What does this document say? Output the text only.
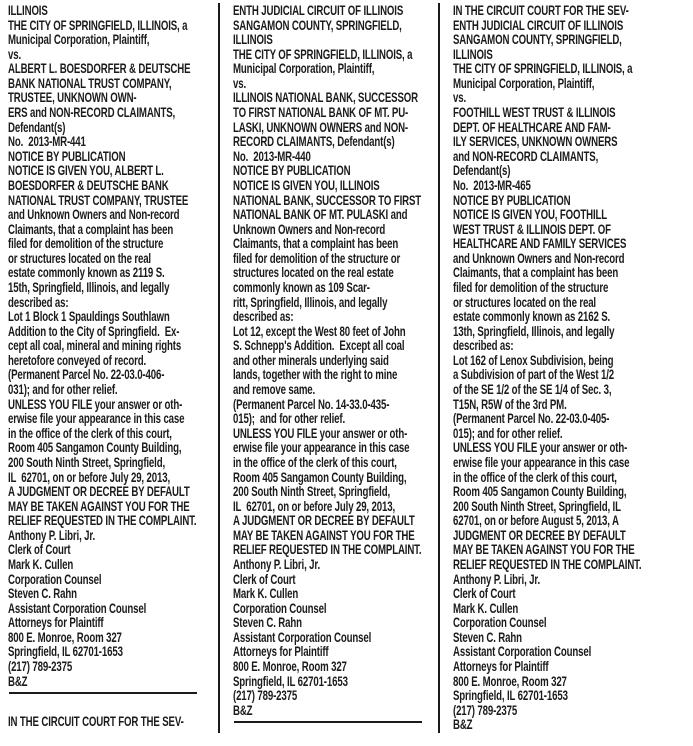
ILLINOIS
THE CITY OF SPRINGFIELD, ILLINOIS, a
Municipal Corporation, Plaintiff,
vs.
ALBERT L. BOESDORFER & DEUTSCHE
BANK NATIONAL TRUST COMPANY,
TRUSTEE, UNKNOWN OWN-
ERS and NON-RECORD CLAIMANTS,
Defendant(s)
No.  2013-MR-441
NOTICE BY PUBLICATION
NOTICE IS GIVEN YOU, ALBERT L.
BOESDORFER & DEUTSCHE BANK
NATIONAL TRUST COMPANY, TRUSTEE
and Unknown Owners and Non-record
Claimants, that a complaint has been
filed for demolition of the structure
or structures located on the real
estate commonly known as 2119 S.
15th, Springfield, Illinois, and legally
described as:
Lot 1 Block 1 Spauldings Southlawn
Addition to the City of Springfield.  Ex-
cept all coal, mineral and mining rights
heretofore conveyed of record.
(Permanent Parcel No. 22-03.0-406-
031); and for other relief.
UNLESS YOU FILE your answer or oth-
erwise file your appearance in this case
in the office of the clerk of this court,
Room 405 Sangamon County Building,
200 South Ninth Street, Springfield,
IL  62701, on or before July 29, 2013,
A JUDGMENT OR DECREE BY DEFAULT
MAY BE TAKEN AGAINST YOU FOR THE
RELIEF REQUESTED IN THE COMPLAINT.
Anthony P. Libri, Jr.
Clerk of Court
Mark K. Cullen
Corporation Counsel
Steven C. Rahn
Assistant Corporation Counsel
Attorneys for Plaintiff
800 E. Monroe, Room 327
Springfield, IL 62701-1653
(217) 789-2375
B&Z
IN THE CIRCUIT COURT FOR THE SEV-
ENTH JUDICIAL CIRCUIT OF ILLINOIS
SANGAMON COUNTY, SPRINGFIELD,
ILLINOIS
THE CITY OF SPRINGFIELD, ILLINOIS, a
Municipal Corporation, Plaintiff,
vs.
ILLINOIS NATIONAL BANK, SUCCESSOR
TO FIRST NATIONAL BANK OF MT. PU-
LASKI, UNKNOWN OWNERS and NON-
RECORD CLAIMANTS, Defendant(s)
No.  2013-MR-440
NOTICE BY PUBLICATION
NOTICE IS GIVEN YOU, ILLINOIS
NATIONAL BANK, SUCCESSOR TO FIRST
NATIONAL BANK OF MT. PULASKI and
Unknown Owners and Non-record
Claimants, that a complaint has been
filed for demolition of the structure or
structures located on the real estate
commonly known as 109 Scar-
ritt, Springfield, Illinois, and legally
described as:
Lot 12, except the West 80 feet of John
S. Schnepp's Addition.  Except all coal
and other minerals underlying said
lands, together with the right to mine
and remove same.
(Permanent Parcel No. 14-33.0-435-
015);  and for other relief.
UNLESS YOU FILE your answer or oth-
erwise file your appearance in this case
in the office of the clerk of this court,
Room 405 Sangamon County Building,
200 South Ninth Street, Springfield,
IL  62701, on or before July 29, 2013,
A JUDGMENT OR DECREE BY DEFAULT
MAY BE TAKEN AGAINST YOU FOR THE
RELIEF REQUESTED IN THE COMPLAINT.
Anthony P. Libri, Jr.
Clerk of Court
Mark K. Cullen
Corporation Counsel
Steven C. Rahn
Assistant Corporation Counsel
Attorneys for Plaintiff
800 E. Monroe, Room 327
Springfield, IL 62701-1653
(217) 789-2375
B&Z
IN THE CIRCUIT COURT FOR THE SEV-
ENTH JUDICIAL CIRCUIT OF ILLINOIS
SANGAMON COUNTY, SPRINGFIELD,
ILLINOIS
THE CITY OF SPRINGFIELD, ILLINOIS, a
Municipal Corporation, Plaintiff,
vs.
FOOTHILL WEST TRUST & ILLINOIS
DEPT. OF HEALTHCARE AND FAM-
ILY SERVICES, UNKNOWN OWNERS
and NON-RECORD CLAIMANTS,
Defendant(s)
No.  2013-MR-465
NOTICE BY PUBLICATION
NOTICE IS GIVEN YOU, FOOTHILL
WEST TRUST & ILLINOIS DEPT. OF
HEALTHCARE AND FAMILY SERVICES
and Unknown Owners and Non-record
Claimants, that a complaint has been
filed for demolition of the structure
or structures located on the real
estate commonly known as 2162 S.
13th, Springfield, Illinois, and legally
described as:
Lot 162 of Lenox Subdivision, being
a Subdivision of part of the West 1/2
of the SE 1/2 of the SE 1/4 of Sec. 3,
T15N, R5W of the 3rd PM.
(Permanent Parcel No. 22-03.0-405-
015); and for other relief.
UNLESS YOU FILE your answer or oth-
erwise file your appearance in this case
in the office of the clerk of this court,
Room 405 Sangamon County Building,
200 South Ninth Street, Springfield, IL
62701, on or before August 5, 2013, A
JUDGMENT OR DECREE BY DEFAULT
MAY BE TAKEN AGAINST YOU FOR THE
RELIEF REQUESTED IN THE COMPLAINT.
Anthony P. Libri, Jr.
Clerk of Court
Mark K. Cullen
Corporation Counsel
Steven C. Rahn
Assistant Corporation Counsel
Attorneys for Plaintiff
800 E. Monroe, Room 327
Springfield, IL 62701-1653
(217) 789-2375
B&Z
